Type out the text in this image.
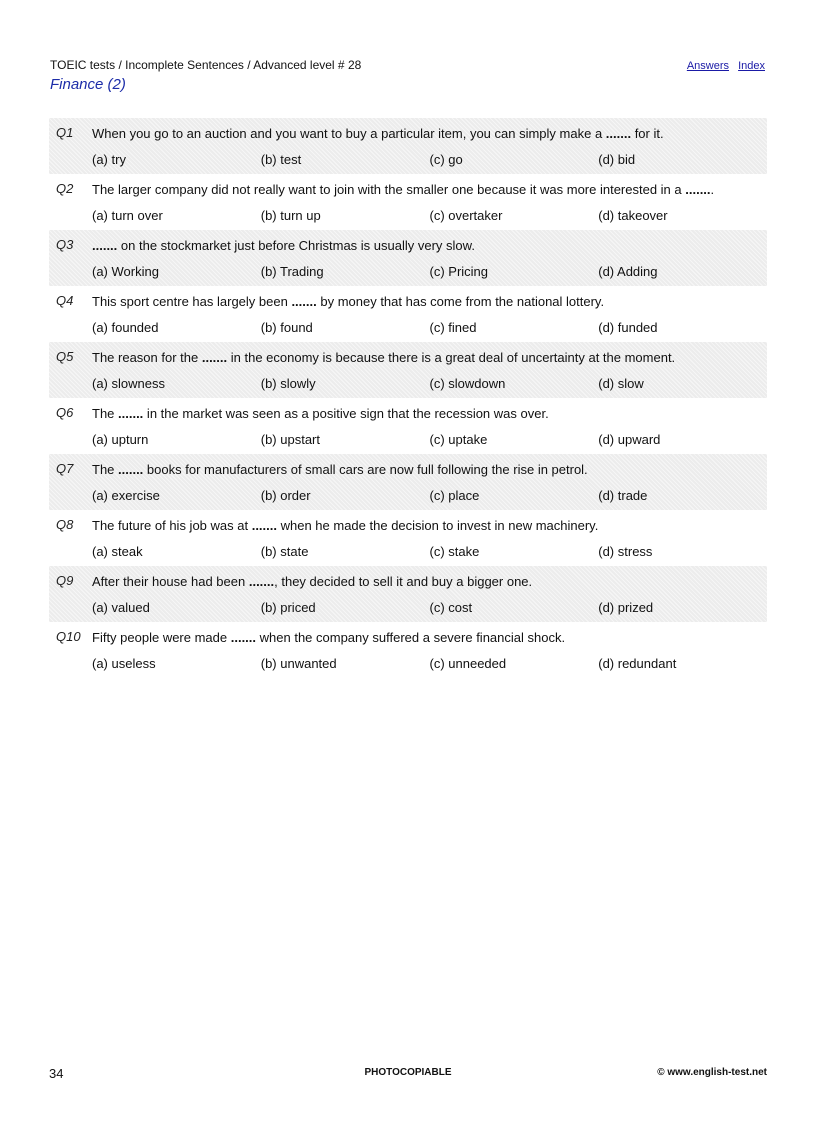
TOEIC tests / Incomplete Sentences / Advanced level # 28	Answers Index
Finance (2)
Q1 When you go to an auction and you want to buy a particular item, you can simply make a ....... for it.
(a) try	(b) test	(c) go	(d) bid
Q2 The larger company did not really want to join with the smaller one because it was more interested in a ........
(a) turn over	(b) turn up	(c) overtaker	(d) takeover
Q3 ....... on the stockmarket just before Christmas is usually very slow.
(a) Working	(b) Trading	(c) Pricing	(d) Adding
Q4 This sport centre has largely been ....... by money that has come from the national lottery.
(a) founded	(b) found	(c) fined	(d) funded
Q5 The reason for the ....... in the economy is because there is a great deal of uncertainty at the moment.
(a) slowness	(b) slowly	(c) slowdown	(d) slow
Q6 The ....... in the market was seen as a positive sign that the recession was over.
(a) upturn	(b) upstart	(c) uptake	(d) upward
Q7 The ....... books for manufacturers of small cars are now full following the rise in petrol.
(a) exercise	(b) order	(c) place	(d) trade
Q8 The future of his job was at ....... when he made the decision to invest in new machinery.
(a) steak	(b) state	(c) stake	(d) stress
Q9 After their house had been ......., they decided to sell it and buy a bigger one.
(a) valued	(b) priced	(c) cost	(d) prized
Q10 Fifty people were made ....... when the company suffered a severe financial shock.
(a) useless	(b) unwanted	(c) unneeded	(d) redundant
34	PHOTOCOPIABLE	© www.english-test.net
